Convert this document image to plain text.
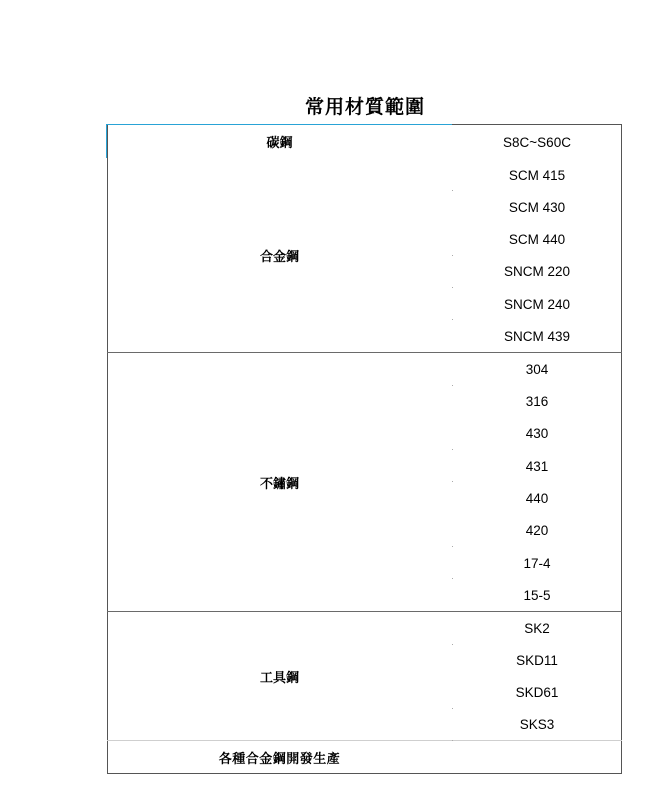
常用材質範圍
碳鋼
合金鋼
不鏽鋼
工具鋼
S8C~S60C
SCM 415
SCM 430
SCM 440
SNCM 220
SNCM 240
SNCM 439
304
316
430
431
440
420
17-4
15-5
SK2
SKD11
SKD61
SKS3
各種合金鋼開發生產
